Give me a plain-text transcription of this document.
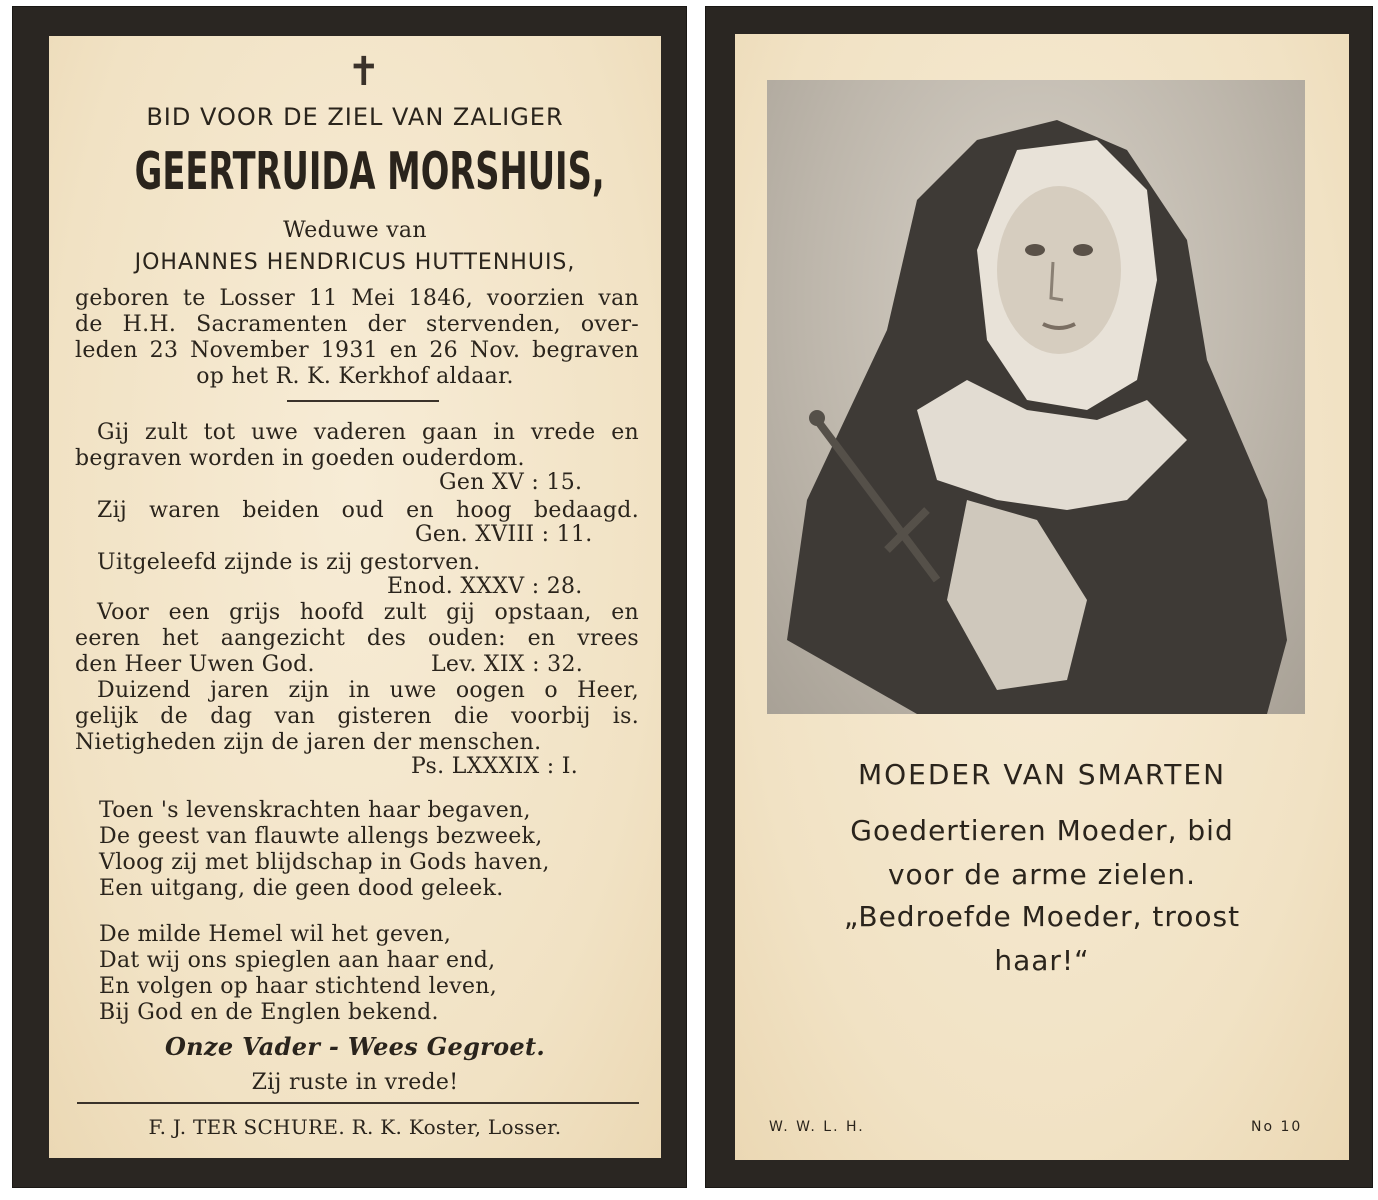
✝
BID VOOR DE ZIEL VAN ZALIGER
GEERTRUIDA MORSHUIS,
Weduwe van
JOHANNES HENDRICUS HUTTENHUIS,
geboren te Losser 11 Mei 1846, voorzien van
de H.H. Sacramenten der stervenden, over-
leden 23 November 1931 en 26 Nov. begraven
op het R. K. Kerkhof aldaar.
Gij zult tot uwe vaderen gaan in vrede en
begraven worden in goeden ouderdom.
Gen XV : 15.
Zij waren beiden oud en hoog bedaagd.
Gen. XVIII : 11.
Uitgeleefd zijnde is zij gestorven.
Enod. XXXV : 28.
Voor een grijs hoofd zult gij opstaan, en
eeren het aangezicht des ouden: en vrees
den Heer Uwen God.	Lev. XIX : 32.
Duizend jaren zijn in uwe oogen o Heer,
gelijk de dag van gisteren die voorbij is.
Nietigheden zijn de jaren der menschen.
Ps. LXXXIX : I.
Toen 's levenskrachten haar begaven,
De geest van flauwte allengs bezweek,
Vloog zij met blijdschap in Gods haven,
Een uitgang, die geen dood geleek.
De milde Hemel wil het geven,
Dat wij ons spieglen aan haar end,
En volgen op haar stichtend leven,
Bij God en de Englen bekend.
Onze Vader - Wees Gegroet.
Zij ruste in vrede!
F. J. TER SCHURE. R. K. Koster, Losser.
MOEDER VAN SMARTEN
Goedertieren Moeder, bid
voor de arme zielen.
„Bedroefde Moeder, troost
haar!“
W. W. L. H.	No 10
